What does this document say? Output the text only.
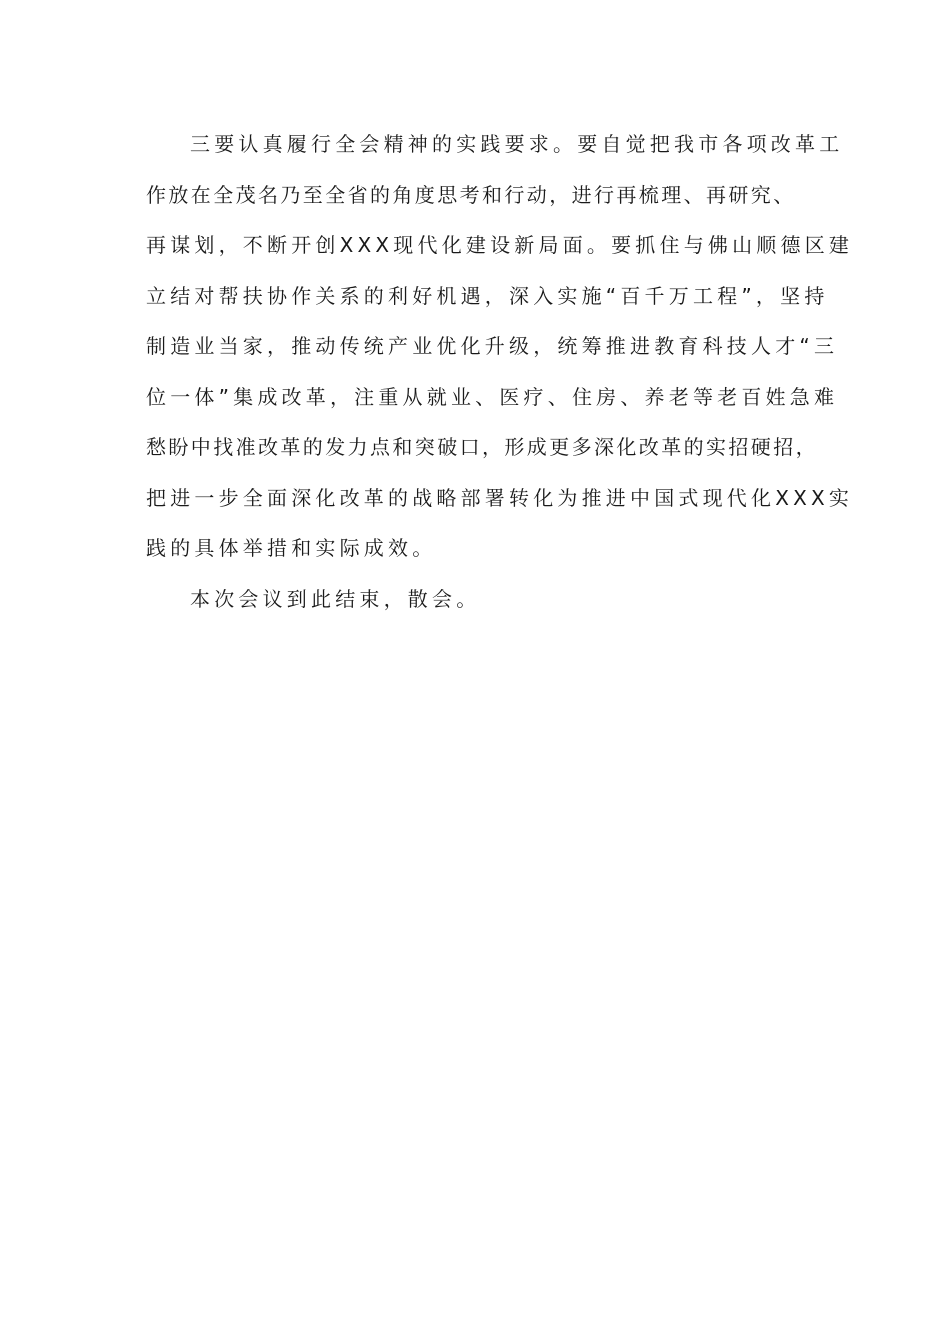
三要认真履行全会精神的实践要求。要自觉把我市各项改革工
作放在全茂名乃至全省的角度思考和行动，进行再梳理、再研究、
再谋划，不断开创XXX现代化建设新局面。要抓住与佛山顺德区建
立结对帮扶协作关系的利好机遇，深入实施“百千万工程”，坚持
制造业当家，推动传统产业优化升级，统筹推进教育科技人才“三
位一体”集成改革，注重从就业、医疗、住房、养老等老百姓急难
愁盼中找准改革的发力点和突破口，形成更多深化改革的实招硬招，
把进一步全面深化改革的战略部署转化为推进中国式现代化XXX实
践的具体举措和实际成效。
本次会议到此结束，散会。
